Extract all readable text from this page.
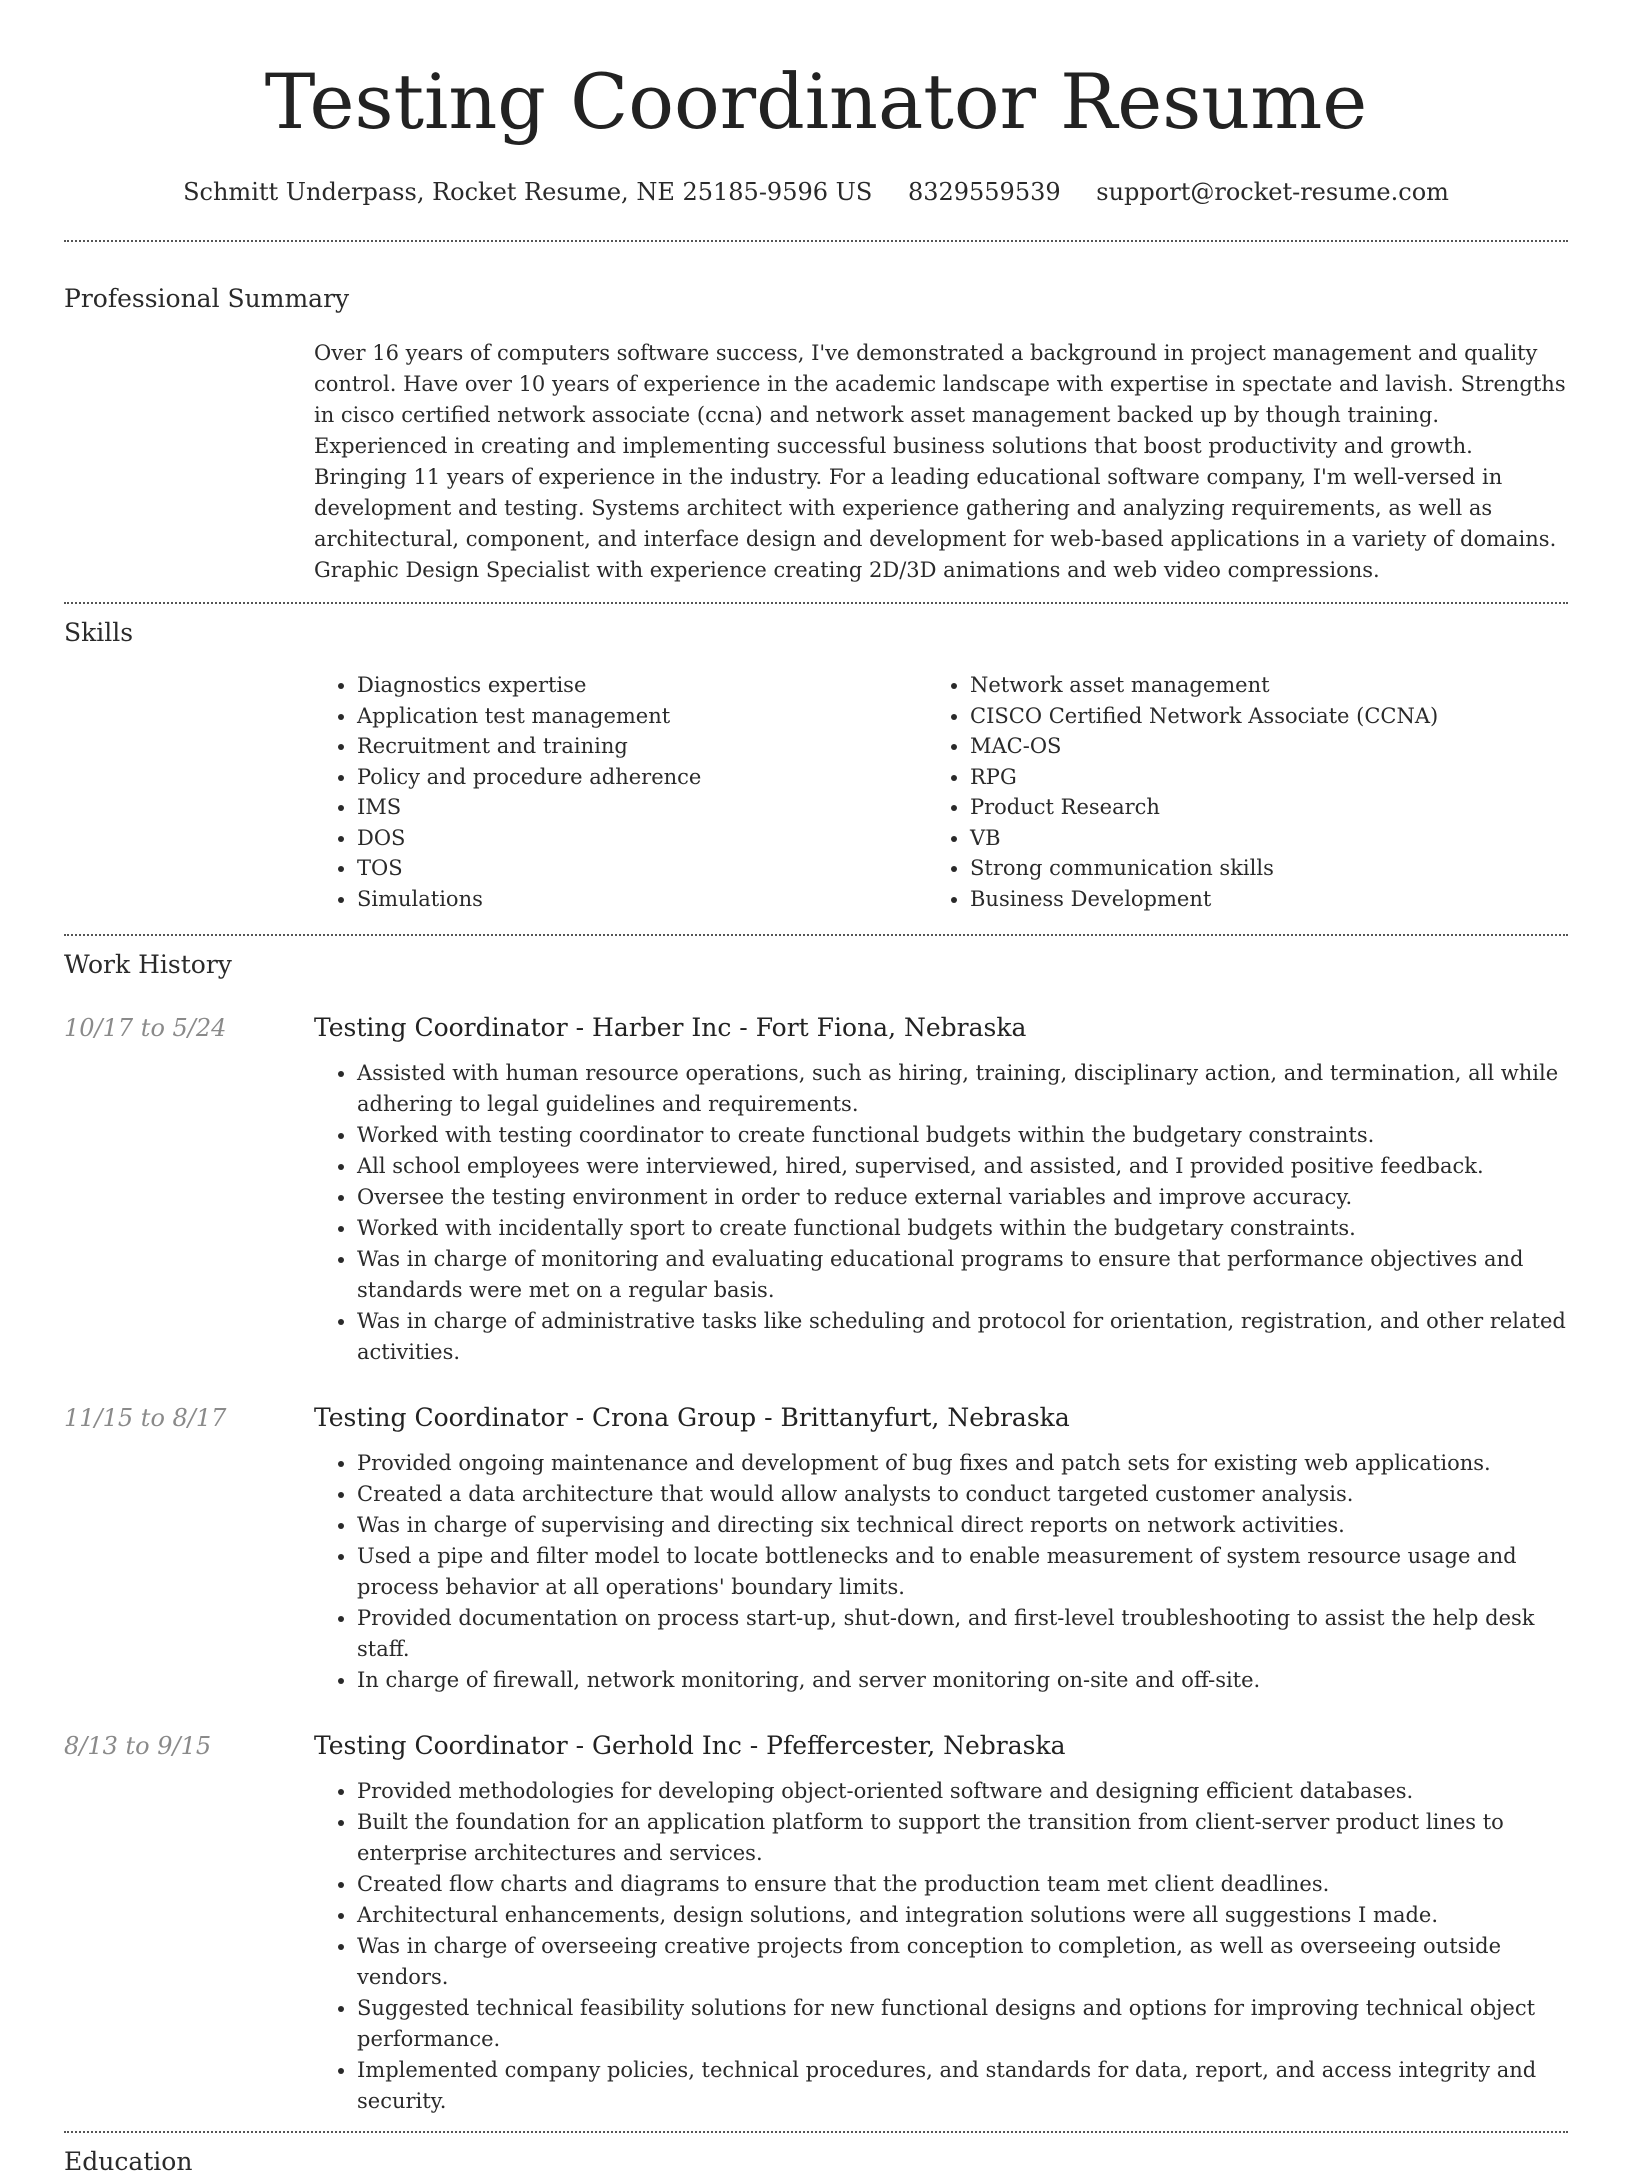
Testing Coordinator Resume
Schmitt Underpass, Rocket Resume, NE 25185-9596 US 8329559539 support@rocket-resume.com
Professional Summary

Over 16 years of computers software success, I've demonstrated a background in project management and quality control. Have over 10 years of experience in the academic landscape with expertise in spectate and lavish. Strengths in cisco certified network associate (ccna) and network asset management backed up by though training. Experienced in creating and implementing successful business solutions that boost productivity and growth. Bringing 11 years of experience in the industry. For a leading educational software company, I'm well-versed in development and testing. Systems architect with experience gathering and analyzing requirements, as well as architectural, component, and interface design and development for web-based applications in a variety of domains. Graphic Design Specialist with experience creating 2D/3D animations and web video compressions.

Skills
• Diagnostics expertise
• Application test management
• Recruitment and training
• Policy and procedure adherence
• IMS
• DOS
• TOS
• Simulations
• Network asset management
• CISCO Certified Network Associate (CCNA)
• MAC-OS
• RPG
• Product Research
• VB
• Strong communication skills
• Business Development
Work History
10/17 to 5/24	Testing Coordinator - Harber Inc - Fort Fiona, Nebraska
• Assisted with human resource operations, such as hiring, training, disciplinary action, and termination, all while adhering to legal guidelines and requirements.
• Worked with testing coordinator to create functional budgets within the budgetary constraints.
• All school employees were interviewed, hired, supervised, and assisted, and I provided positive feedback.
• Oversee the testing environment in order to reduce external variables and improve accuracy.
• Worked with incidentally sport to create functional budgets within the budgetary constraints.
• Was in charge of monitoring and evaluating educational programs to ensure that performance objectives and standards were met on a regular basis.
• Was in charge of administrative tasks like scheduling and protocol for orientation, registration, and other related activities.
11/15 to 8/17	Testing Coordinator - Crona Group - Brittanyfurt, Nebraska
• Provided ongoing maintenance and development of bug fixes and patch sets for existing web applications.
• Created a data architecture that would allow analysts to conduct targeted customer analysis.
• Was in charge of supervising and directing six technical direct reports on network activities.
• Used a pipe and filter model to locate bottlenecks and to enable measurement of system resource usage and process behavior at all operations' boundary limits.
• Provided documentation on process start-up, shut-down, and first-level troubleshooting to assist the help desk staff.
• In charge of firewall, network monitoring, and server monitoring on-site and off-site.
8/13 to 9/15	Testing Coordinator - Gerhold Inc - Pfeffercester, Nebraska
• Provided methodologies for developing object-oriented software and designing efficient databases.
• Built the foundation for an application platform to support the transition from client-server product lines to enterprise architectures and services.
• Created flow charts and diagrams to ensure that the production team met client deadlines.
• Architectural enhancements, design solutions, and integration solutions were all suggestions I made.
• Was in charge of overseeing creative projects from conception to completion, as well as overseeing outside vendors.
• Suggested technical feasibility solutions for new functional designs and options for improving technical object performance.
• Implemented company policies, technical procedures, and standards for data, report, and access integrity and security.
Education
